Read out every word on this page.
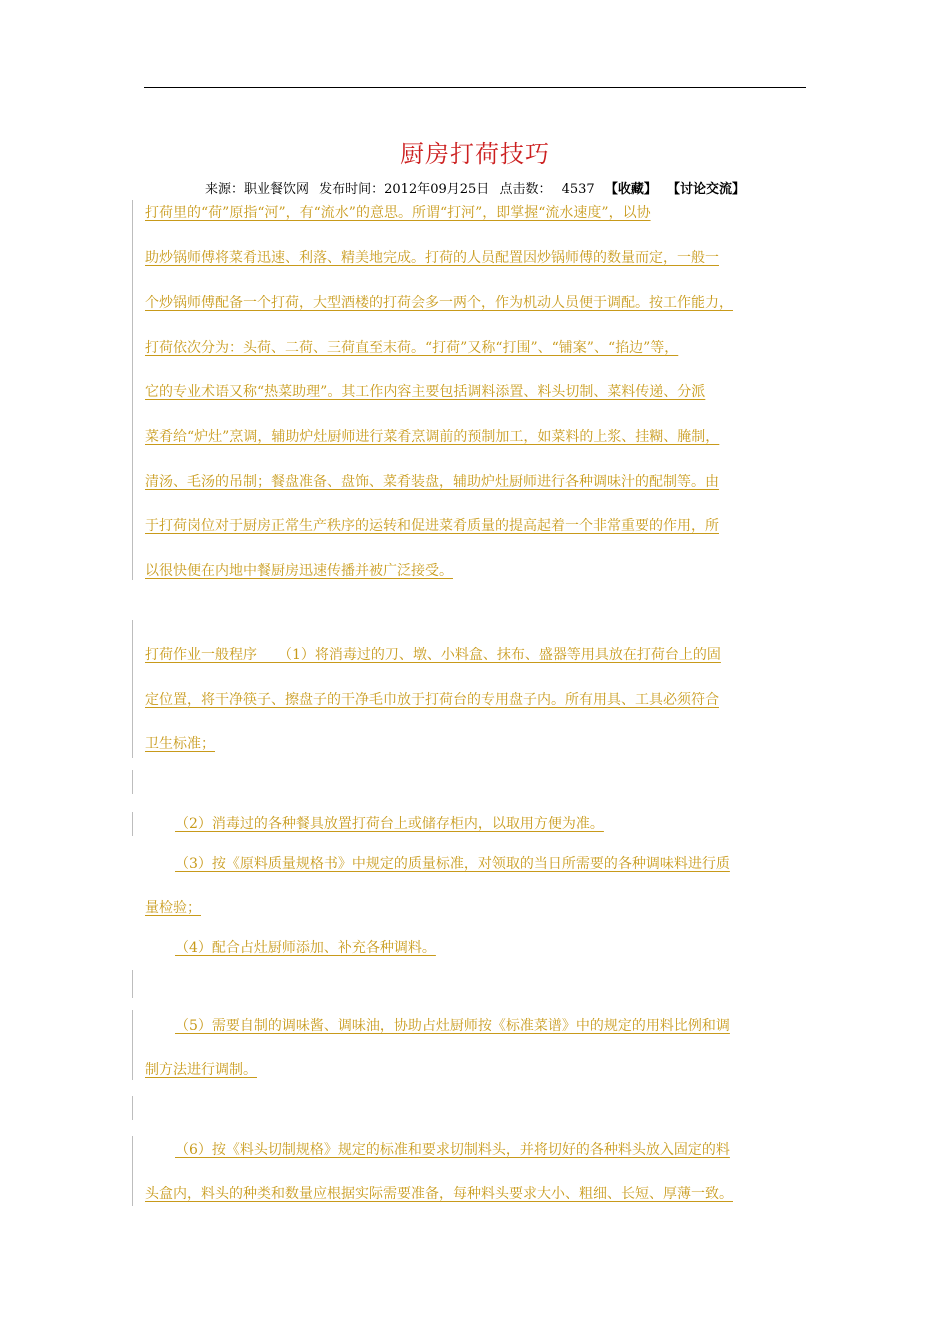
厨房打荷技巧
来源：职业餐饮网 发布时间：2012年09月25日 点击数： 4537 【收藏】 【讨论交流】
打荷里的“荷”原指“河”，有“流水”的意思。所谓“打河”，即掌握“流水速度”，以协
助炒锅师傅将菜肴迅速、利落、精美地完成。打荷的人员配置因炒锅师傅的数量而定，一般一
个炒锅师傅配备一个打荷，大型酒楼的打荷会多一两个，作为机动人员便于调配。按工作能力，
打荷依次分为：头荷、二荷、三荷直至末荷。“打荷”又称“打围”、“铺案”、“掐边”等，
它的专业术语又称“热菜助理”。其工作内容主要包括调料添置、料头切制、菜料传递、分派
菜肴给“炉灶”烹调，辅助炉灶厨师进行菜肴烹调前的预制加工，如菜料的上浆、挂糊、腌制，
清汤、毛汤的吊制；餐盘准备、盘饰、菜肴装盘，辅助炉灶厨师进行各种调味汁的配制等。由
于打荷岗位对于厨房正常生产秩序的运转和促进菜肴质量的提高起着一个非常重要的作用，所
以很快便在内地中餐厨房迅速传播并被广泛接受。
打荷作业一般程序　　（1）将消毒过的刀、墩、小料盒、抹布、盛器等用具放在打荷台上的固
定位置，将干净筷子、擦盘子的干净毛巾放于打荷台的专用盘子内。所有用具、工具必须符合
卫生标准；
（2）消毒过的各种餐具放置打荷台上或储存柜内，以取用方便为准。
（3）按《原料质量规格书》中规定的质量标准，对领取的当日所需要的各种调味料进行质
量检验；
（4）配合占灶厨师添加、补充各种调料。
（5）需要自制的调味酱、调味油，协助占灶厨师按《标准菜谱》中的规定的用料比例和调
制方法进行调制。
（6）按《料头切制规格》规定的标准和要求切制料头，并将切好的各种料头放入固定的料
头盒内，料头的种类和数量应根据实际需要准备，每种料头要求大小、粗细、长短、厚薄一致。
